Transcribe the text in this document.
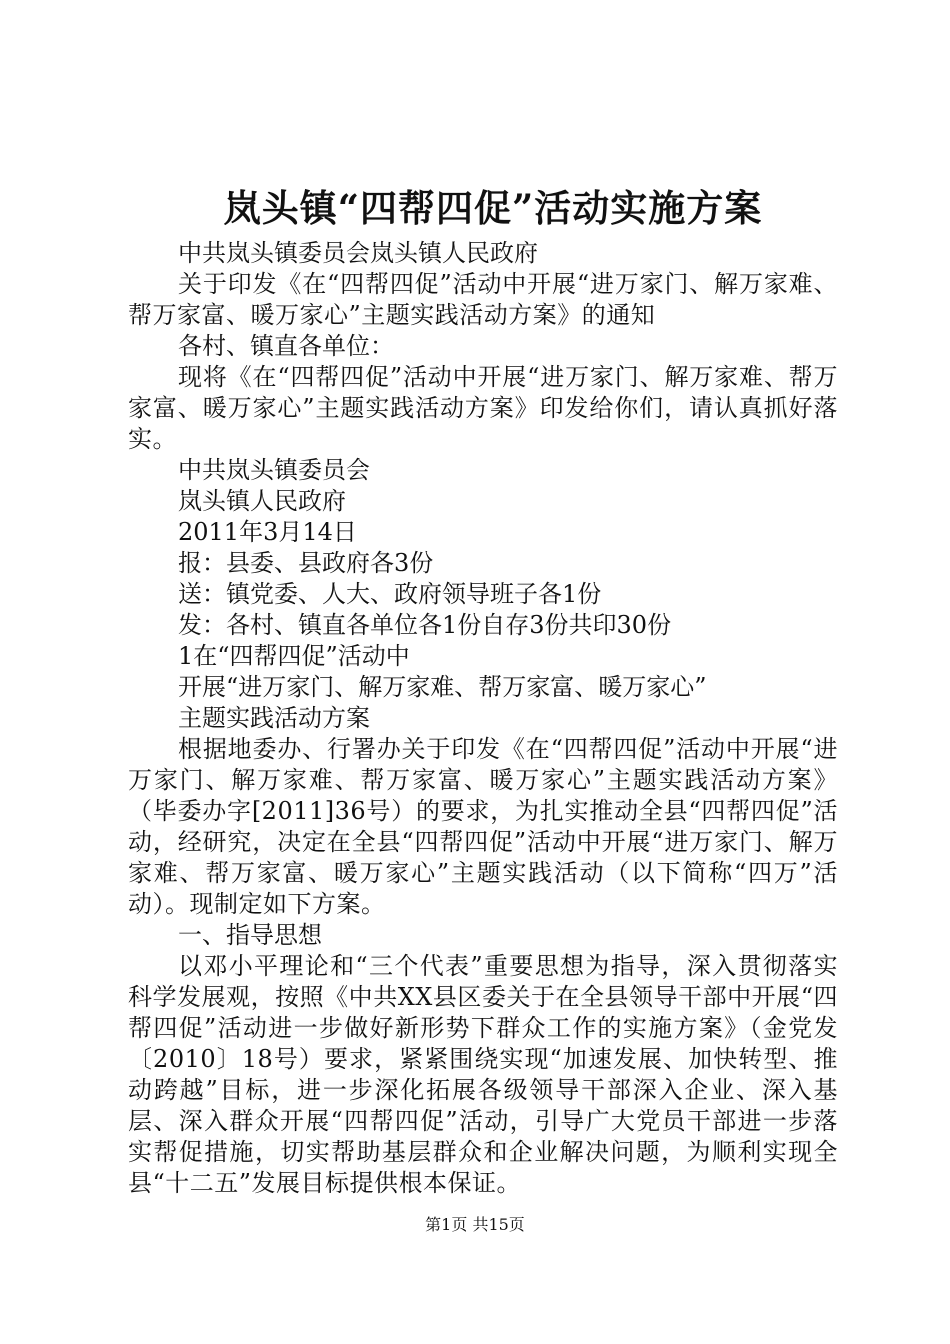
岚头镇“四帮四促”活动实施方案

中共岚头镇委员会岚头镇人民政府

关于印发《在“四帮四促”活动中开展“进万家门、解万家难、帮万家富、暖万家心”主题实践活动方案》的通知

各村、镇直各单位：

现将《在“四帮四促”活动中开展“进万家门、解万家难、帮万家富、暖万家心”主题实践活动方案》印发给你们，请认真抓好落实。

中共岚头镇委员会

岚头镇人民政府

2011年3月14日

报：县委、县政府各3份

送：镇党委、人大、政府领导班子各1份

发：各村、镇直各单位各1份自存3份共印30份

1在“四帮四促”活动中

开展“进万家门、解万家难、帮万家富、暖万家心”

主题实践活动方案

根据地委办、行署办关于印发《在“四帮四促”活动中开展“进万家门、解万家难、帮万家富、暖万家心”主题实践活动方案》（毕委办字[2011]36号）的要求，为扎实推动全县“四帮四促”活动，经研究，决定在全县“四帮四促”活动中开展“进万家门、解万家难、帮万家富、暖万家心”主题实践活动（以下简称“四万”活动）。现制定如下方案。

一、指导思想

以邓小平理论和“三个代表”重要思想为指导，深入贯彻落实科学发展观，按照《中共XX县区委关于在全县领导干部中开展“四帮四促”活动进一步做好新形势下群众工作的实施方案》（金党发〔2010〕18号）要求，紧紧围绕实现“加速发展、加快转型、推动跨越”目标，进一步深化拓展各级领导干部深入企业、深入基层、深入群众开展“四帮四促”活动，引导广大党员干部进一步落实帮促措施，切实帮助基层群众和企业解决问题，为顺利实现全县“十二五”发展目标提供根本保证。

第1页 共15页
